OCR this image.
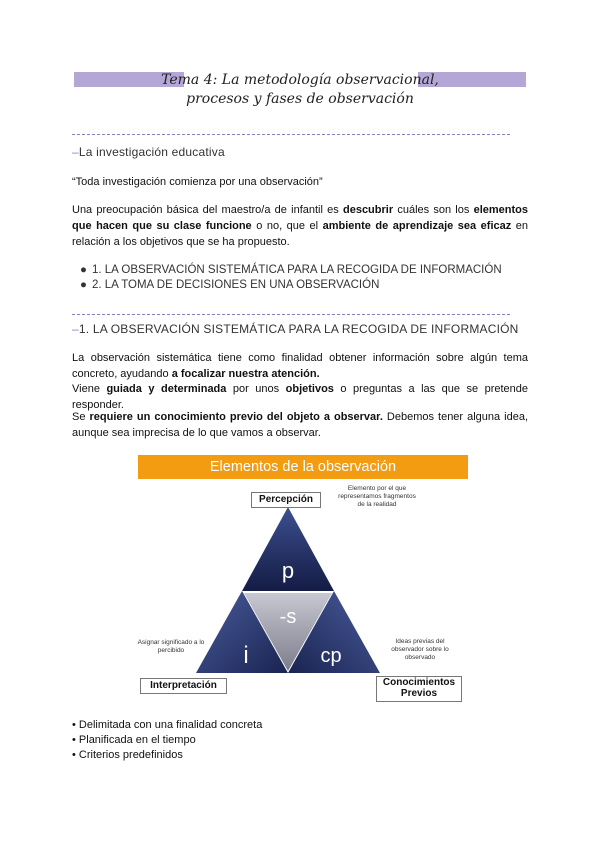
Tema 4: La metodología observacional,
procesos y fases de observación
–La investigación educativa
“Toda investigación comienza por una observación”
Una preocupación básica del maestro/a de infantil es descubrir cuáles son los elementos que hacen que su clase funcione o no, que el ambiente de aprendizaje sea eficaz en relación a los objetivos que se ha propuesto.
● 1. LA OBSERVACIÓN SISTEMÁTICA PARA LA RECOGIDA DE INFORMACIÓN
● 2. LA TOMA DE DECISIONES EN UNA OBSERVACIÓN
–1. LA OBSERVACIÓN SISTEMÁTICA PARA LA RECOGIDA DE INFORMACIÓN
La observación sistemática tiene como finalidad obtener información sobre algún tema concreto, ayudando a focalizar nuestra atención.
Viene guiada y determinada por unos objetivos o preguntas a las que se pretende responder.
Se requiere un conocimiento previo del objeto a observar. Debemos tener alguna idea, aunque sea imprecisa de lo que vamos a observar.
Elementos de la observación
p
-s
i	cp
Percepción
Elemento por el que representamos fragmentos de la realidad
Asignar significado a lo percibido
Interpretación
Ideas previas del observador sobre lo observado
Conocimientos
Previos
• Delimitada con una finalidad concreta
• Planificada en el tiempo
• Criterios predefinidos
